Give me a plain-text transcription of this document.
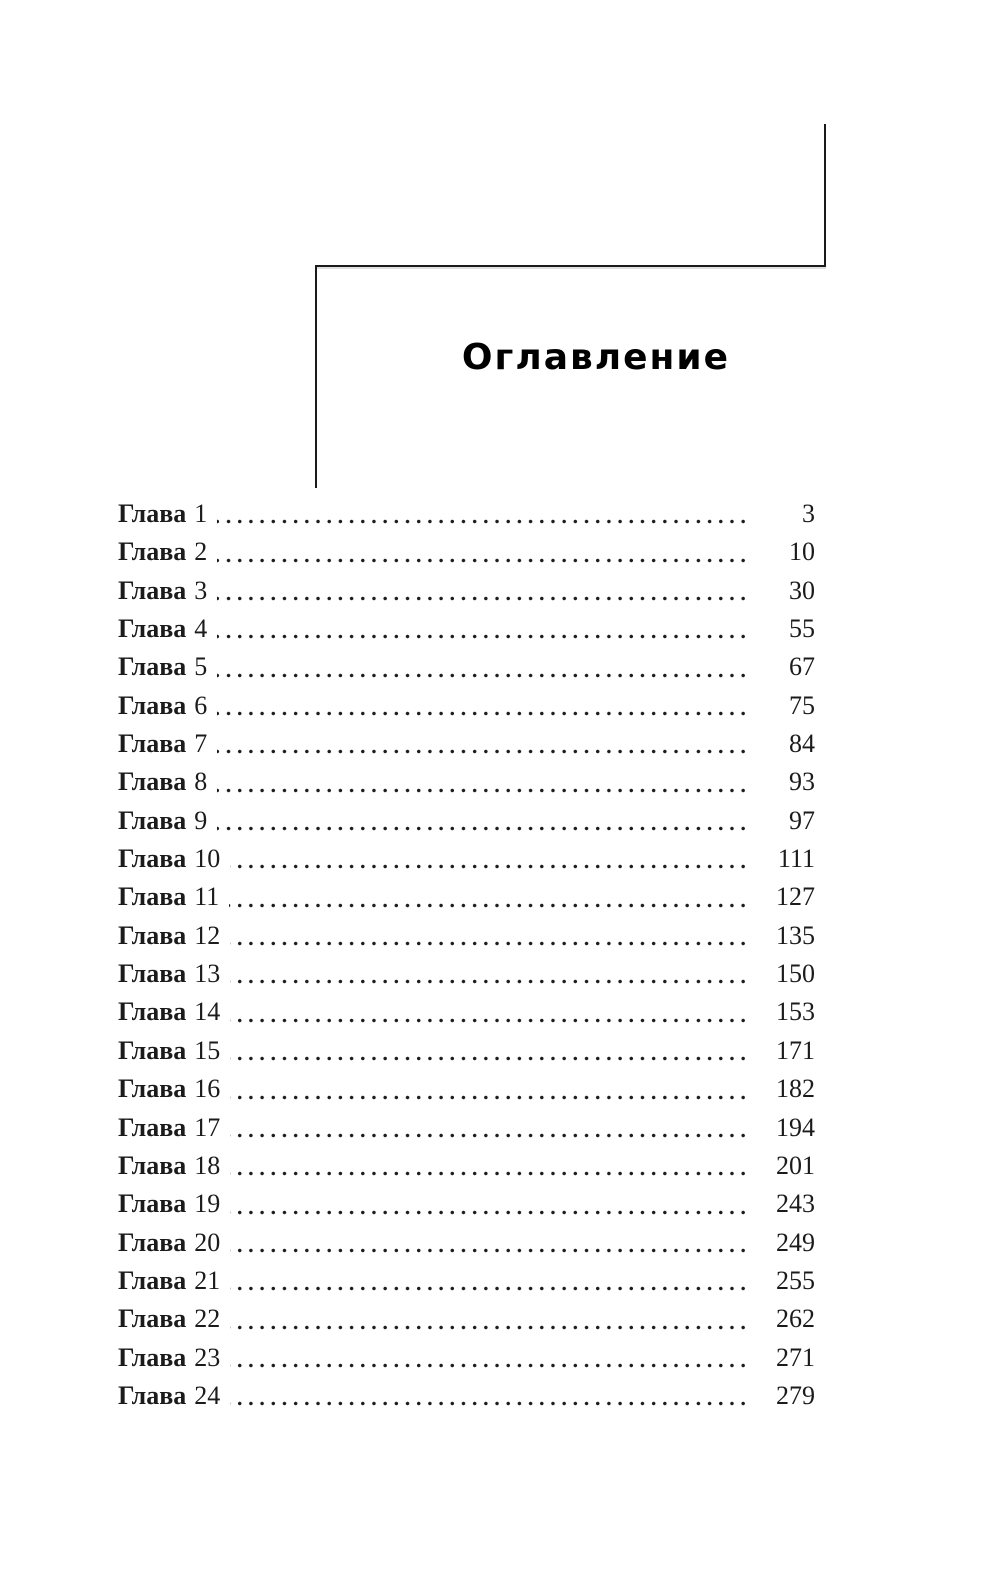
Оглавление
Глава 1	3
Глава 2	10
Глава 3	30
Глава 4	55
Глава 5	67
Глава 6	75
Глава 7	84
Глава 8	93
Глава 9	97
Глава 10	111
Глава 11	127
Глава 12	135
Глава 13	150
Глава 14	153
Глава 15	171
Глава 16	182
Глава 17	194
Глава 18	201
Глава 19	243
Глава 20	249
Глава 21	255
Глава 22	262
Глава 23	271
Глава 24	279
